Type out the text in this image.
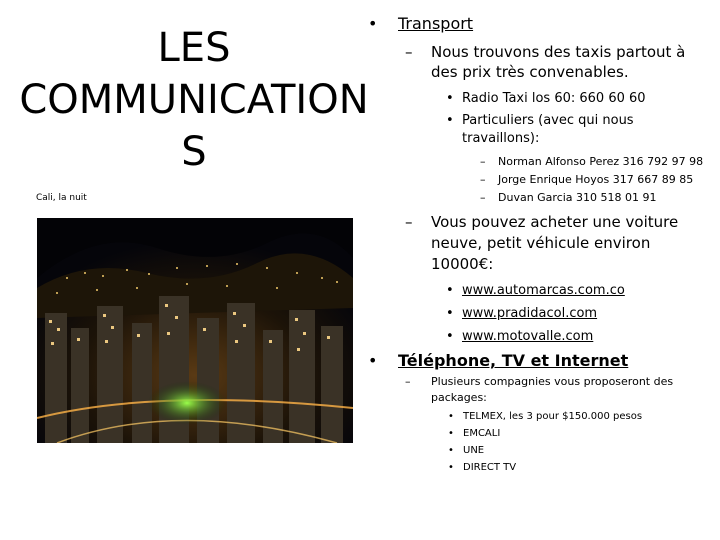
LES
COMMUNICATION
S
Cali, la nuit
• Transport
– Nous trouvons des taxis partout à
des prix très convenables.
• Radio Taxi los 60: 660 60 60
• Particuliers (avec qui nous
travaillons):
– Norman Alfonso Perez 316 792 97 98
– Jorge Enrique Hoyos 317 667 89 85
– Duvan Garcia 310 518 01 91
– Vous pouvez acheter une voiture
neuve, petit véhicule environ
10000€:
• www.automarcas.com.co
• www.pradidacol.com
• www.motovalle.com
• Téléphone, TV et Internet
– Plusieurs compagnies vous proposeront des
packages:
• TELMEX, les 3 pour $150.000 pesos
• EMCALI
• UNE
• DIRECT TV
